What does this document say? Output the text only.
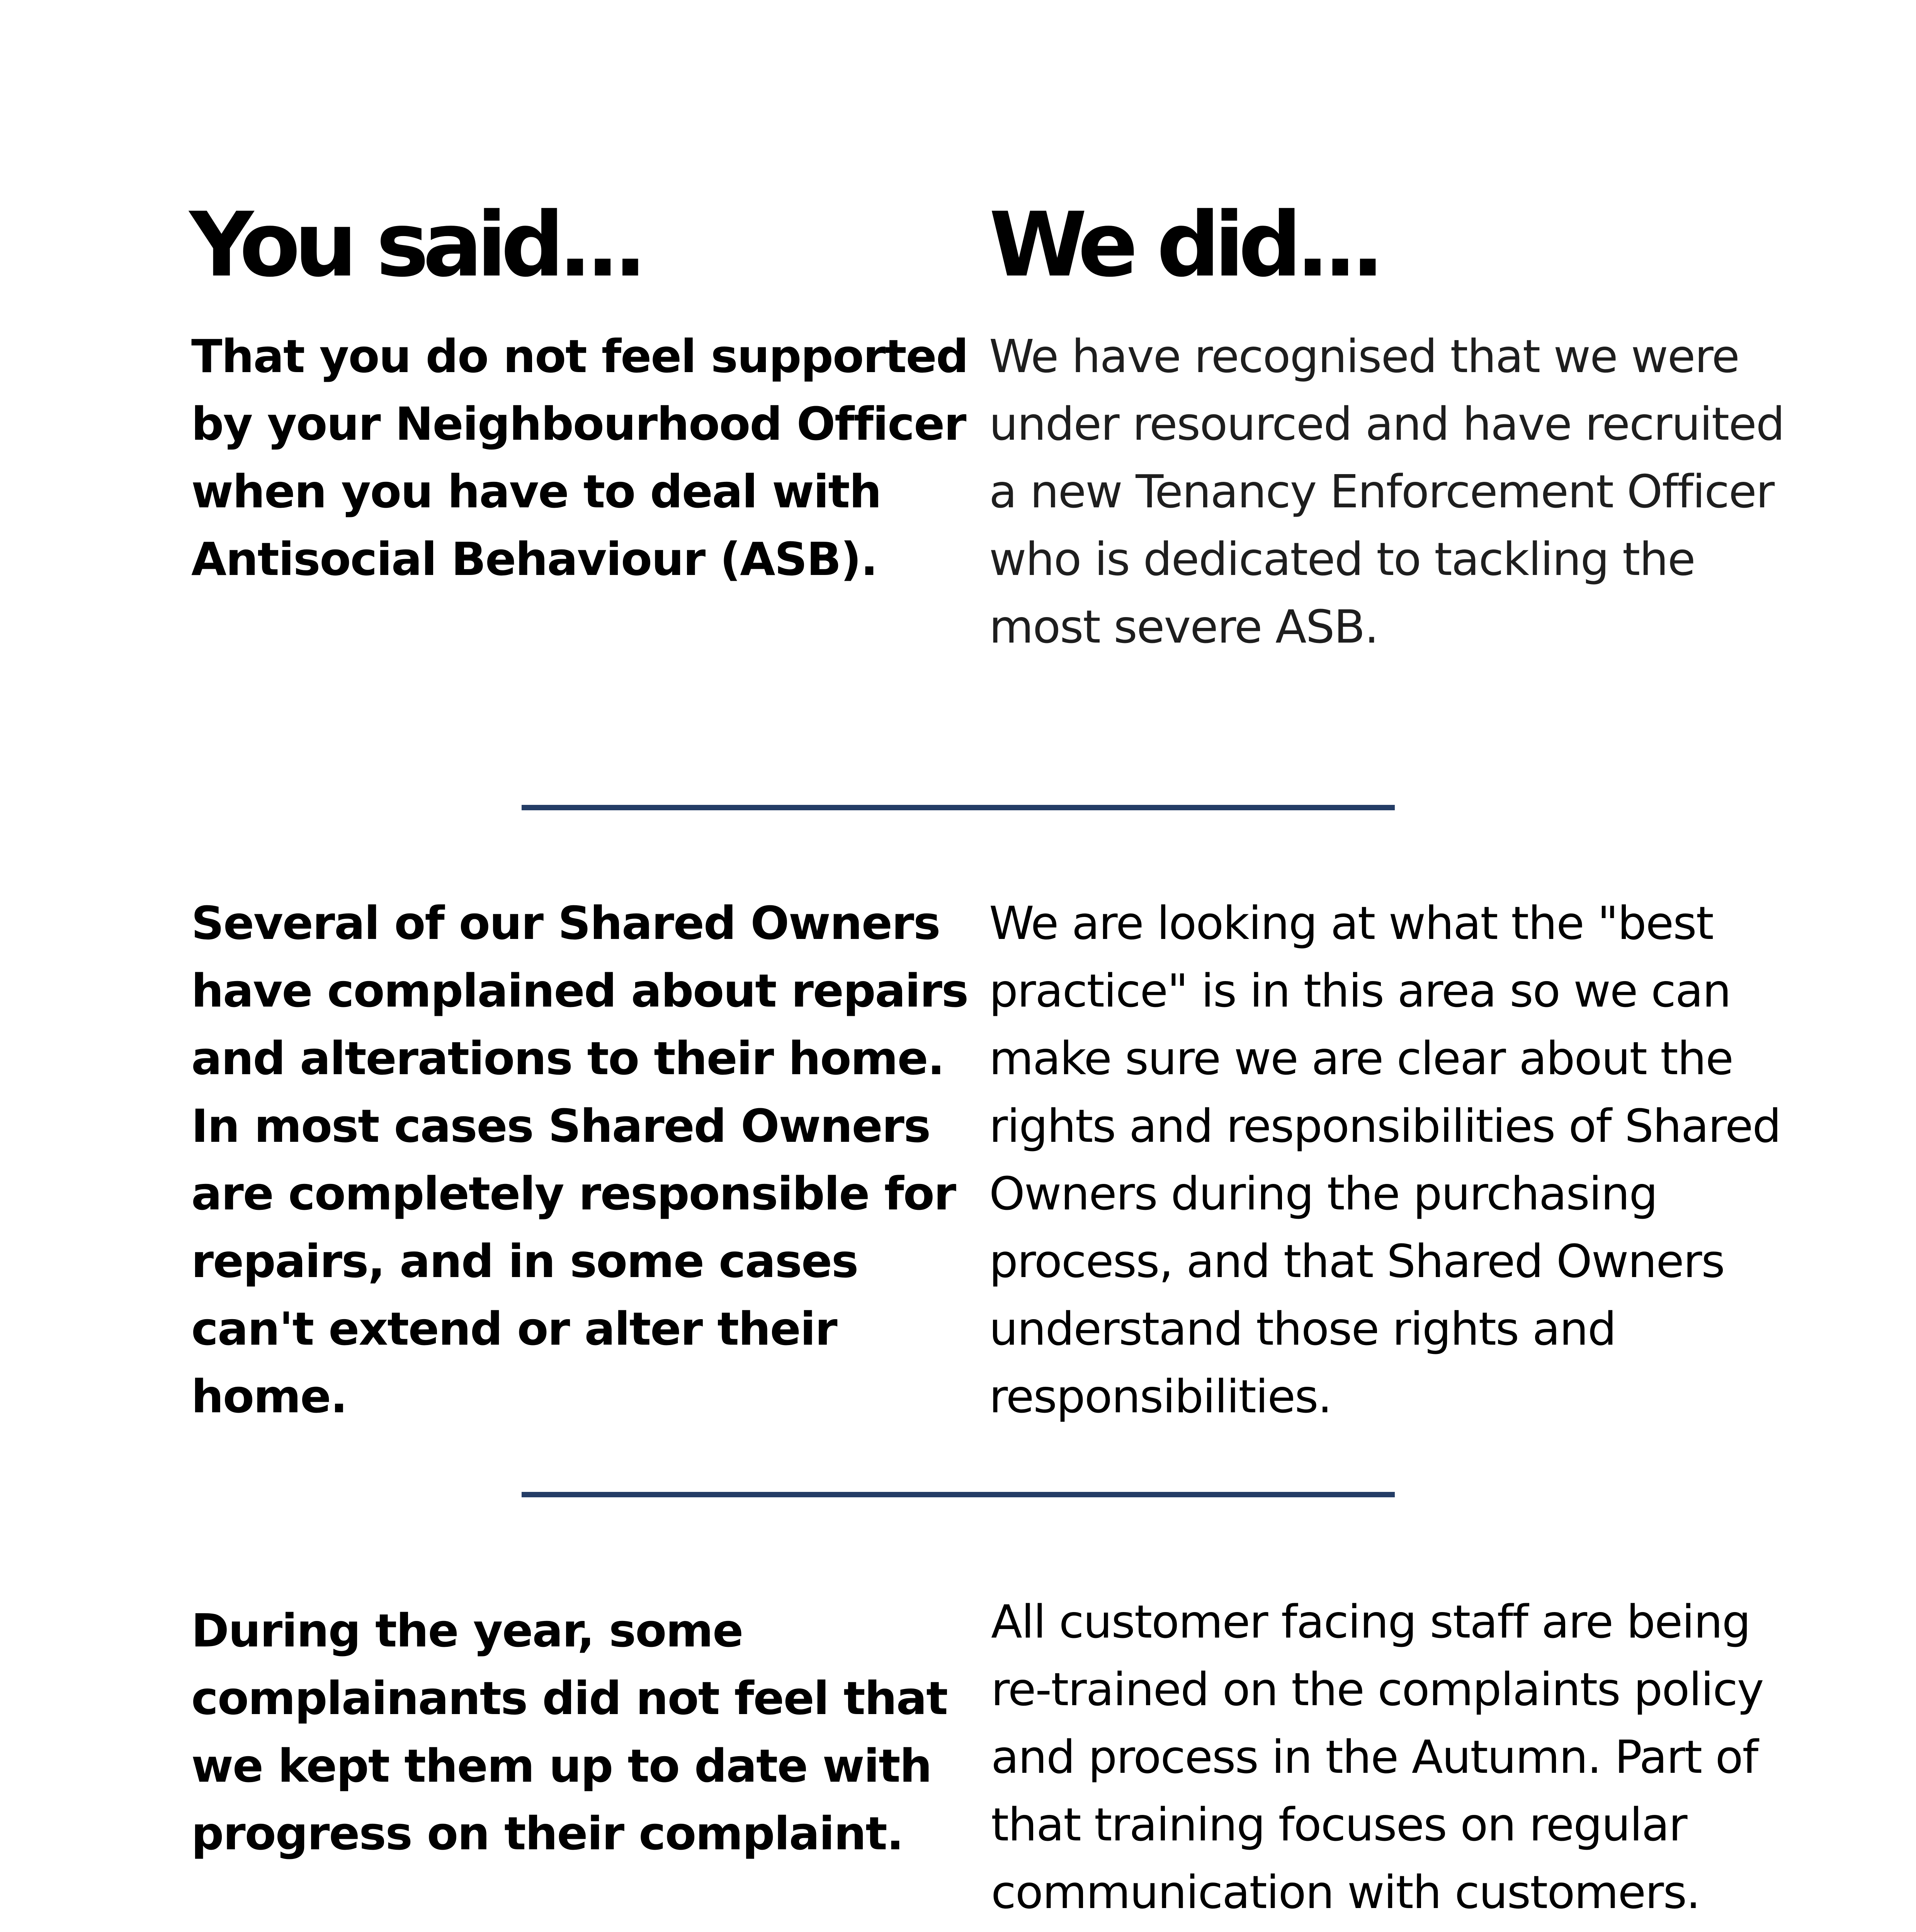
You said...	We did...

That you do not feel supported by your Neighbourhood Officer when you have to deal with Antisocial Behaviour (ASB).

We have recognised that we were under resourced and have recruited a new Tenancy Enforcement Officer who is dedicated to tackling the most severe ASB.

Several of our Shared Owners have complained about repairs and alterations to their home. In most cases Shared Owners are completely responsible for repairs, and in some cases can't extend or alter their home.

We are looking at what the "best practice" is in this area so we can make sure we are clear about the rights and responsibilities of Shared Owners during the purchasing process, and that Shared Owners understand those rights and responsibilities.

During the year, some complainants did not feel that we kept them up to date with progress on their complaint.

All customer facing staff are being re-trained on the complaints policy and process in the Autumn. Part of that training focuses on regular communication with customers.
